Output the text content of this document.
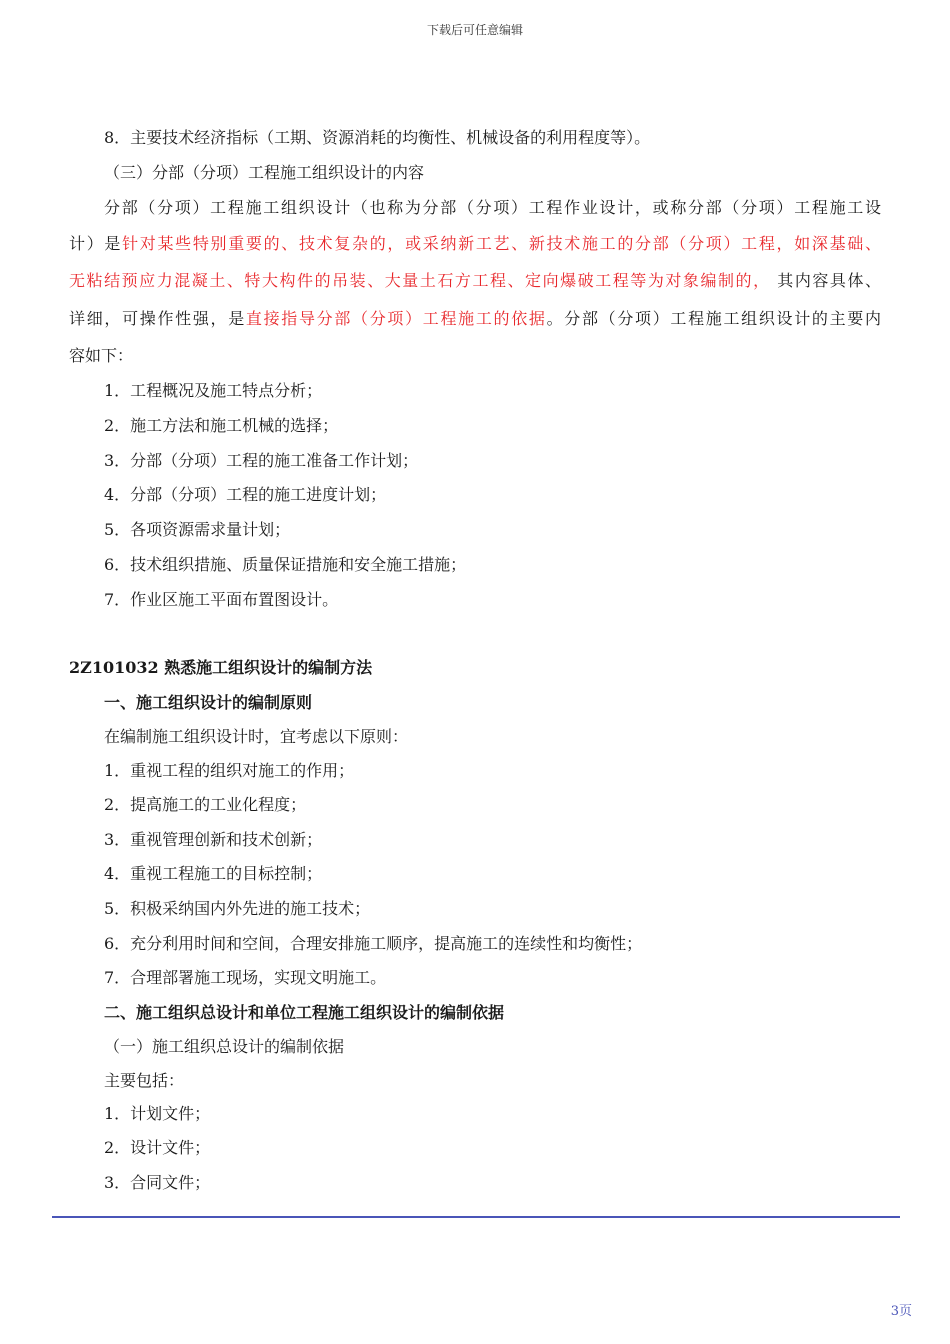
下载后可任意编辑
8．主要技术经济指标（工期、资源消耗的均衡性、机械设备的利用程度等）。
（三）分部（分项）工程施工组织设计的内容
分部（分项）工程施工组织设计（也称为分部（分项）工程作业设计，或称分部（分项）工程施工设
计）是针对某些特别重要的、技术复杂的，或采纳新工艺、新技术施工的分部（分项）工程，如深基础、
无粘结预应力混凝土、特大构件的吊装、大量土石方工程、定向爆破工程等为对象编制的， 其内容具体、
详细，可操作性强，是直接指导分部（分项）工程施工的依据。分部（分项）工程施工组织设计的主要内
容如下：
1．工程概况及施工特点分析；
2．施工方法和施工机械的选择；
3．分部（分项）工程的施工准备工作计划；
4．分部（分项）工程的施工进度计划；
5．各项资源需求量计划；
6．技术组织措施、质量保证措施和安全施工措施；
7．作业区施工平面布置图设计。
2Z101032 熟悉施工组织设计的编制方法
一、施工组织设计的编制原则
在编制施工组织设计时，宜考虑以下原则：
1．重视工程的组织对施工的作用；
2．提高施工的工业化程度；
3．重视管理创新和技术创新；
4．重视工程施工的目标控制；
5．积极采纳国内外先进的施工技术；
6．充分利用时间和空间，合理安排施工顺序，提高施工的连续性和均衡性；
7．合理部署施工现场，实现文明施工。
二、施工组织总设计和单位工程施工组织设计的编制依据
（一）施工组织总设计的编制依据
主要包括：
1．计划文件；
2．设计文件；
3．合同文件；
3页
